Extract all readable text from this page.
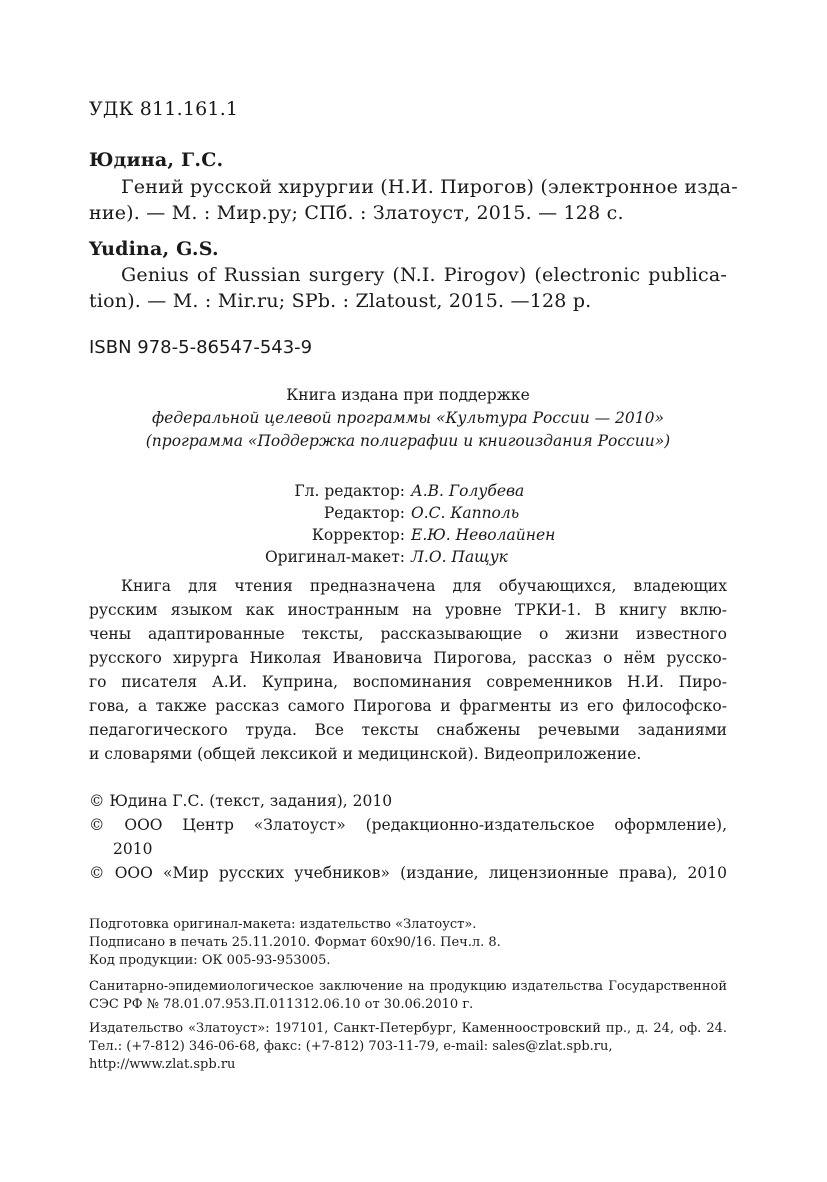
УДК 811.161.1
Юдина, Г.С.
Гений русской хирургии (Н.И. Пирогов) (электронное изда-
ние). — М. : Мир.ру; СПб. : Златоуст, 2015. — 128 с.
Yudina, G.S.
Genius of Russian surgery (N.I. Pirogov) (electronic publica-
tion). — M. : Mir.ru; SPb. : Zlatoust, 2015. —128 p.
ISBN 978-5-86547-543-9
Книга издана при поддержке
федеральной целевой программы «Культура России — 2010»
(программа «Поддержка полиграфии и книгоиздания России»)
Гл. редактор: А.В. Голубева
Редактор: О.С. Капполь
Корректор: Е.Ю. Неволайнен
Оригинал-макет: Л.О. Пащук
Книга для чтения предназначена для обучающихся, владеющих
русским языком как иностранным на уровне ТРКИ-1. В книгу вклю-
чены адаптированные тексты, рассказывающие о жизни известного
русского хирурга Николая Ивановича Пирогова, рассказ о нём русско-
го писателя А.И. Куприна, воспоминания современников Н.И. Пиро-
гова, а также рассказ самого Пирогова и фрагменты из его философско-
педагогического труда. Все тексты снабжены речевыми заданиями
и словарями (общей лексикой и медицинской). Видеоприложение.
© Юдина Г.С. (текст, задания), 2010
© ООО Центр «Златоуст» (редакционно-издательское оформление),
2010
© ООО «Мир русских учебников» (издание, лицензионные права), 2010
Подготовка оригинал-макета: издательство «Златоуст».
Подписано в печать 25.11.2010. Формат 60x90/16. Печ.л. 8.
Код продукции: ОК 005-93-953005.
Санитарно-эпидемиологическое заключение на продукцию издательства Государственной
СЭС РФ № 78.01.07.953.П.011312.06.10 от 30.06.2010 г.
Издательство «Златоуст»: 197101, Санкт-Петербург, Каменноостровский пр., д. 24, оф. 24.
Тел.: (+7-812) 346-06-68, факс: (+7-812) 703-11-79, e-mail: sales@zlat.spb.ru,
http://www.zlat.spb.ru
